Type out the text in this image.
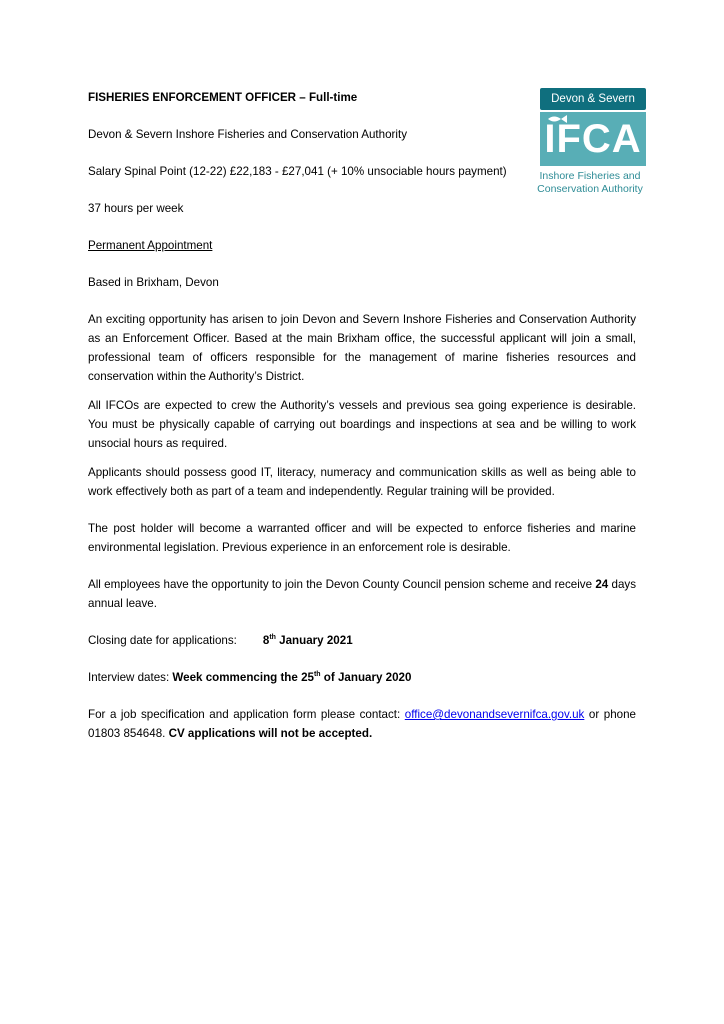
Devon & Severn
IFCA
Inshore Fisheries and
Conservation Authority

FISHERIES ENFORCEMENT OFFICER – Full-time

Devon & Severn Inshore Fisheries and Conservation Authority

Salary Spinal Point (12-22) £22,183 - £27,041 (+ 10% unsociable hours payment)

37 hours per week

Permanent Appointment

Based in Brixham, Devon

An exciting opportunity has arisen to join Devon and Severn Inshore Fisheries and Conservation Authority as an Enforcement Officer. Based at the main Brixham office, the successful applicant will join a small, professional team of officers responsible for the management of marine fisheries resources and conservation within the Authority’s District.

All IFCOs are expected to crew the Authority’s vessels and previous sea going experience is desirable. You must be physically capable of carrying out boardings and inspections at sea and be willing to work unsocial hours as required.

Applicants should possess good IT, literacy, numeracy and communication skills as well as being able to work effectively both as part of a team and independently. Regular training will be provided.

The post holder will become a warranted officer and will be expected to enforce fisheries and marine environmental legislation. Previous experience in an enforcement role is desirable.

All employees have the opportunity to join the Devon County Council pension scheme and receive 24 days annual leave.

Closing date for applications: 8th January 2021

Interview dates: Week commencing the 25th of January 2020

For a job specification and application form please contact: office@devonandsevernifca.gov.uk or phone 01803 854648. CV applications will not be accepted.
